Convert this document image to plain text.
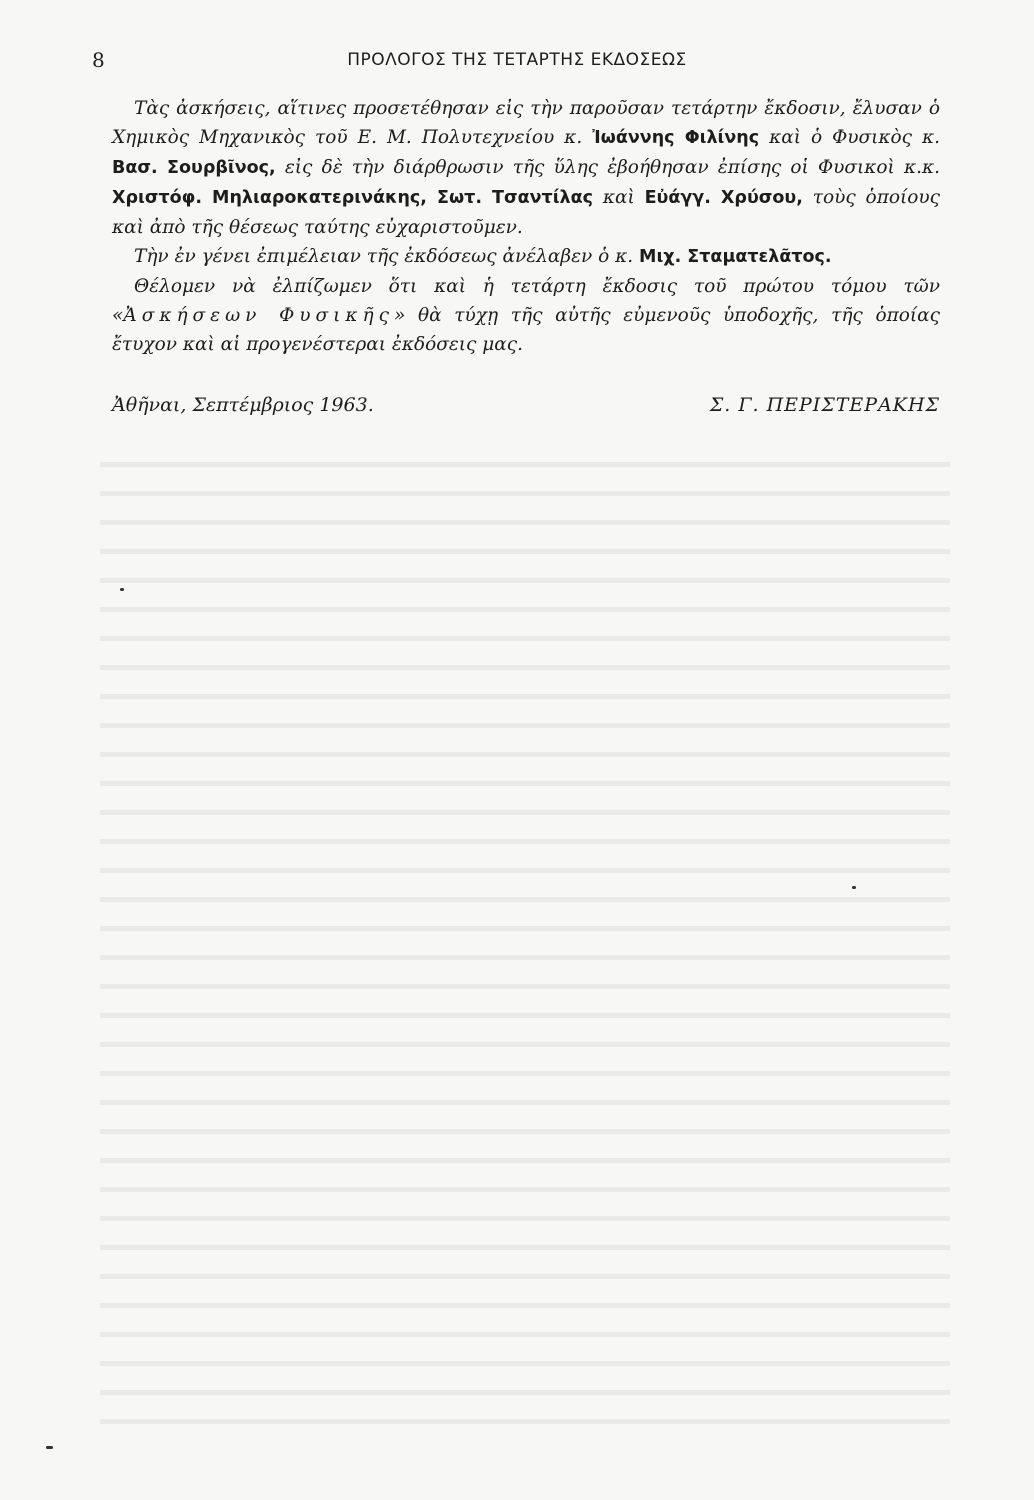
8	ΠΡΟΛΟΓΟΣ ΤΗΣ ΤΕΤΑΡΤΗΣ ΕΚΔΟΣΕΩΣ

Τὰς ἀσκήσεις, αἵτινες προσετέθησαν εἰς τὴν παροῦσαν τετάρτην ἔκδοσιν, ἔλυσαν ὁ Χημικὸς Μηχανικὸς τοῦ Ε. Μ. Πολυτεχνείου κ. Ἰωάννης Φιλίνης καὶ ὁ Φυσικὸς κ. Βασ. Σουρβῖνος, εἰς δὲ τὴν διάρθρωσιν τῆς ὕλης ἐβοήθησαν ἐπίσης οἱ Φυσικοὶ κ.κ. Χριστόφ. Μηλιαροκατερινάκης, Σωτ. Τσαντίλας καὶ Εὐάγγ. Χρύσου, τοὺς ὁποίους καὶ ἀπὸ τῆς θέσεως ταύτης εὐχαριστοῦμεν.

Τὴν ἐν γένει ἐπιμέλειαν τῆς ἐκδόσεως ἀνέλαβεν ὁ κ. Μιχ. Σταματελᾶτος.

Θέλομεν νὰ ἐλπίζωμεν ὅτι καὶ ἡ τετάρτη ἔκδοσις τοῦ πρώτου τόμου τῶν «Ἀσκήσεων Φυσικῆς» θὰ τύχῃ τῆς αὐτῆς εὐμενοῦς ὑποδοχῆς, τῆς ὁποίας ἔτυχον καὶ αἱ προγενέστεραι ἐκδόσεις μας.

Ἀθῆναι, Σεπτέμβριος 1963.	Σ. Γ. ΠΕΡΙΣΤΕΡΑΚΗΣ
